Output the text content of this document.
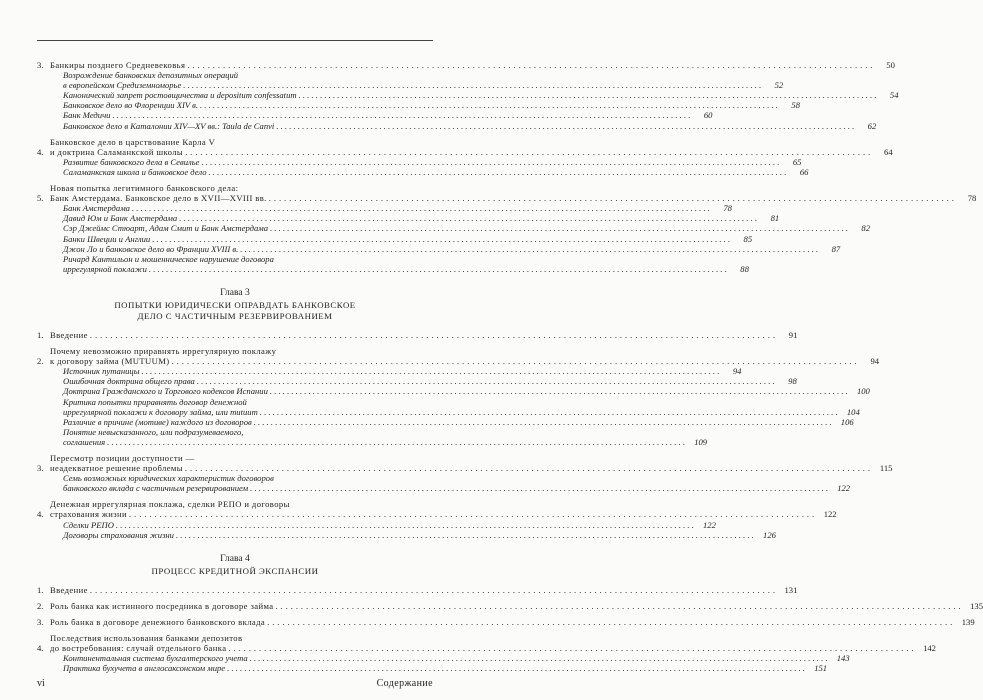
3. Банкиры позднего Средневековья . . .	50
Возрождение банковских депозитных операций
в европейском Средиземноморье . . .	52
Канонический запрет ростовщичества и depositum confessatum . . .	54
Банковское дело во Флоренции XIV в. . . .	58
Банк Медичи . . .	60
Банковское дело в Каталонии XIV—XV вв.: Taula de Canvi . . .	62
4.
Банковское дело в царствование Карла V
и доктрина Саламанкской школы . . .	64
Развитие банковского дела в Севилье . . .	65
Саламанкская школа и банковское дело . . .	66
5.
Новая попытка легитимного банковского дела:
Банк Амстердама. Банковское дело в XVII—XVIII вв. . . .	78
Банк Амстердама . . .	78
Давид Юм и Банк Амстердама . . .	81
Сэр Джеймс Стюарт, Адам Смит и Банк Амстердама . . .	82
Банки Швеции и Англии . . .	85
Джон Ло и банковское дело во Франции XVIII в. . . .	87
Ричард Кантильон и мошенническое нарушение договора
иррегулярной поклажи . . .	88
Глава 3
ПОПЫТКИ ЮРИДИЧЕСКИ ОПРАВДАТЬ БАНКОВСКОЕ
ДЕЛО С ЧАСТИЧНЫМ РЕЗЕРВИРОВАНИЕМ
1. Введение . . .	91
2.
Почему невозможно приравнять иррегулярную поклажу
к договору займа (MUTUUM) . . .	94
Источник путаницы . . .	94
Ошибочная доктрина общего права . . .	98
Доктрина Гражданского и Торгового кодексов Испании . . .	100
Критика попытки приравнять договор денежной
иррегулярной поклажи к договору займа, или mutuum . . .	104
Различие в причине (мотиве) каждого из договоров . . .	106
Понятие невысказанного, или подразумеваемого,
соглашения . . .	109
3.
Пересмотр позиции доступности —
неадекватное решение проблемы . . .	115
Семь возможных юридических характеристик договоров
банковского вклада с частичным резервированием . . .	122
4.
Денежная иррегулярная поклажа, сделки РЕПО и договоры
страхования жизни . . .	122
Сделки РЕПО . . .	122
Договоры страхования жизни . . .	126
Глава 4
ПРОЦЕСС КРЕДИТНОЙ ЭКСПАНСИИ
1. Введение . . .	131
2. Роль банка как истинного посредника в договоре займа . . .	135
3. Роль банка в договоре денежного банковского вклада . . .	139
4.
Последствия использования банками депозитов
до востребования: случай отдельного банка . . .	142
Континентальная система бухгалтерского учета . . .	143
Практика бухучета в англосаксонском мире . . .	151
vi	Содержание
